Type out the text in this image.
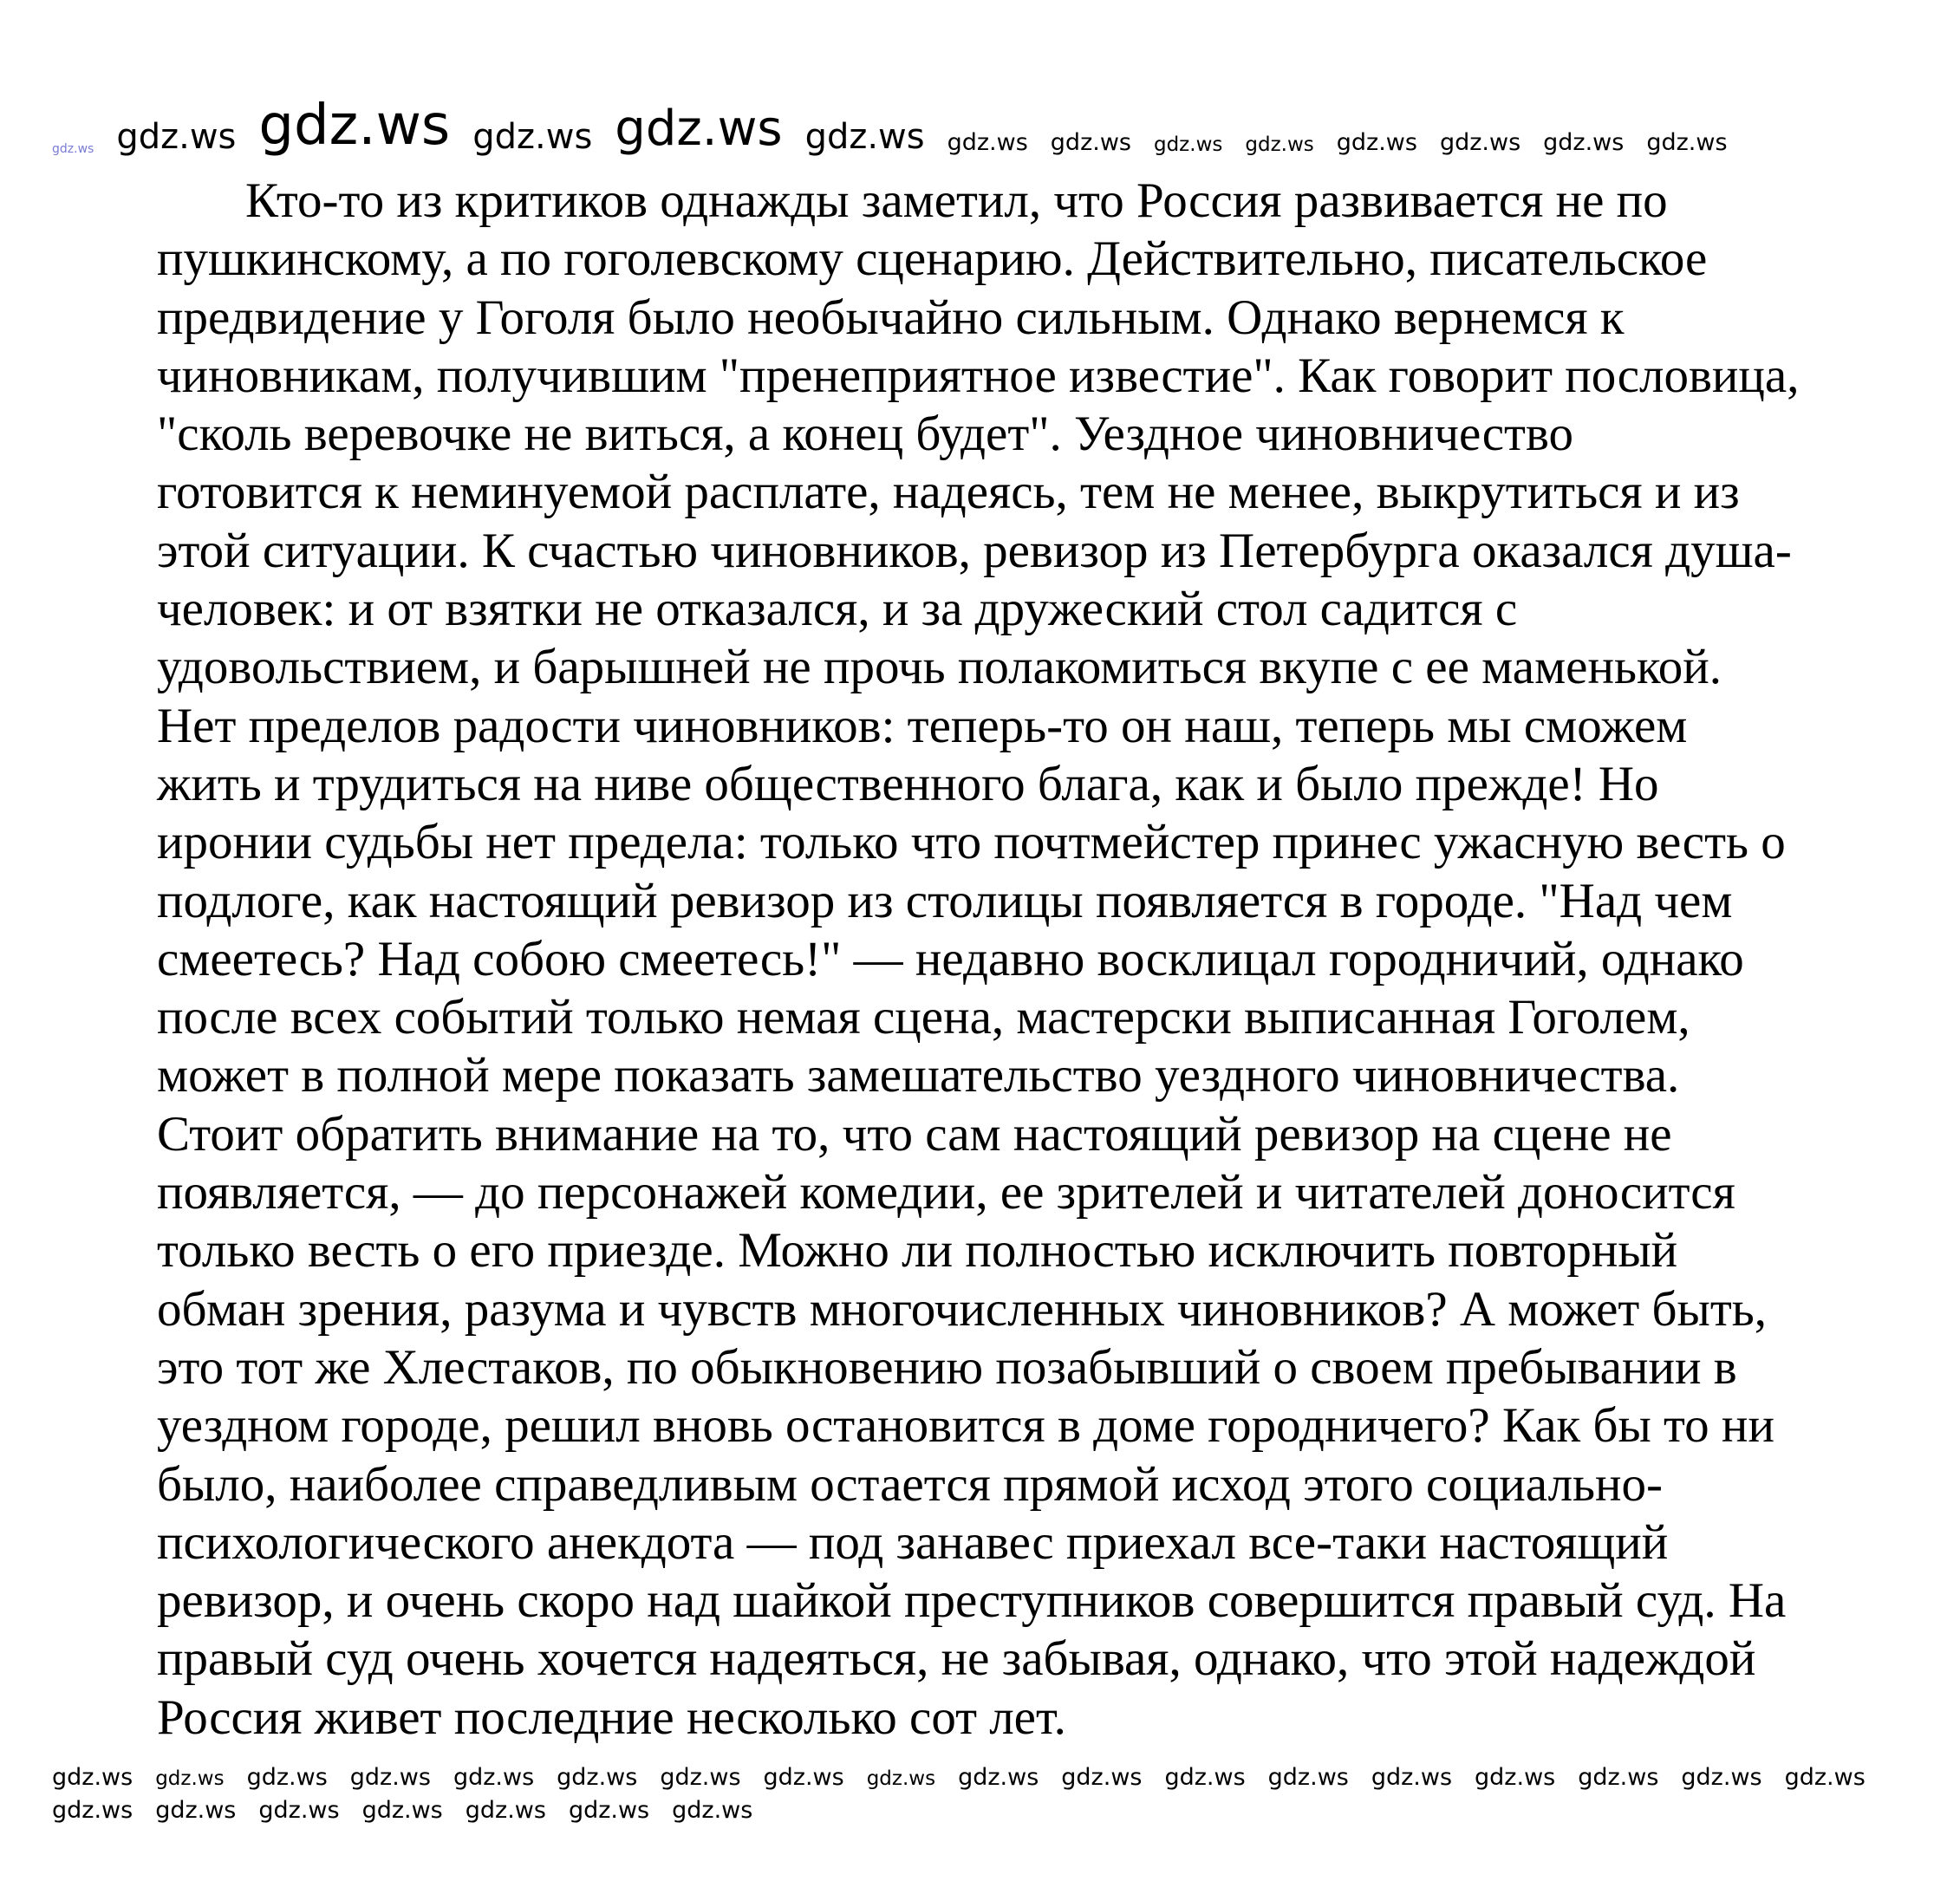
Кто-то из критиков однажды заметил, что Россия развивается не по
пушкинскому, а по гоголевскому сценарию. Действительно, писательское
предвидение у Гоголя было необычайно сильным. Однако вернемся к
чиновникам, получившим "пренеприятное известие". Как говорит пословица,
"сколь веревочке не виться, а конец будет". Уездное чиновничество
готовится к неминуемой расплате, надеясь, тем не менее, выкрутиться и из
этой ситуации. К счастью чиновников, ревизор из Петербурга оказался душа-
человек: и от взятки не отказался, и за дружеский стол садится с
удовольствием, и барышней не прочь полакомиться вкупе с ее маменькой.
Нет пределов радости чиновников: теперь-то он наш, теперь мы сможем
жить и трудиться на ниве общественного блага, как и было прежде! Но
иронии судьбы нет предела: только что почтмейстер принес ужасную весть о
подлоге, как настоящий ревизор из столицы появляется в городе. "Над чем
смеетесь? Над собою смеетесь!" — недавно восклицал городничий, однако
после всех событий только немая сцена, мастерски выписанная Гоголем,
может в полной мере показать замешательство уездного чиновничества.
Стоит обратить внимание на то, что сам настоящий ревизор на сцене не
появляется, — до персонажей комедии, ее зрителей и читателей доносится
только весть о его приезде. Можно ли полностью исключить повторный
обман зрения, разума и чувств многочисленных чиновников? А может быть,
это тот же Хлестаков, по обыкновению позабывший о своем пребывании в
уездном городе, решил вновь остановится в доме городничего? Как бы то ни
было, наиболее справедливым остается прямой исход этого социально-
психологического анекдота — под занавес приехал все-таки настоящий
ревизор, и очень скоро над шайкой преступников совершится правый суд. На
правый суд очень хочется надеяться, не забывая, однако, что этой надеждой
Россия живет последние несколько сот лет.
gdz.ws gdz.ws gdz.ws gdz.ws gdz.ws gdz.ws gdz.ws gdz.ws gdz.ws gdz.ws gdz.ws gdz.ws gdz.ws gdz.ws
gdz.ws gdz.ws gdz.ws gdz.ws gdz.ws gdz.ws gdz.ws gdz.ws gdz.ws gdz.ws gdz.ws gdz.ws gdz.ws gdz.ws gdz.ws gdz.ws gdz.ws gdz.ws
gdz.ws gdz.ws gdz.ws gdz.ws gdz.ws gdz.ws gdz.ws
